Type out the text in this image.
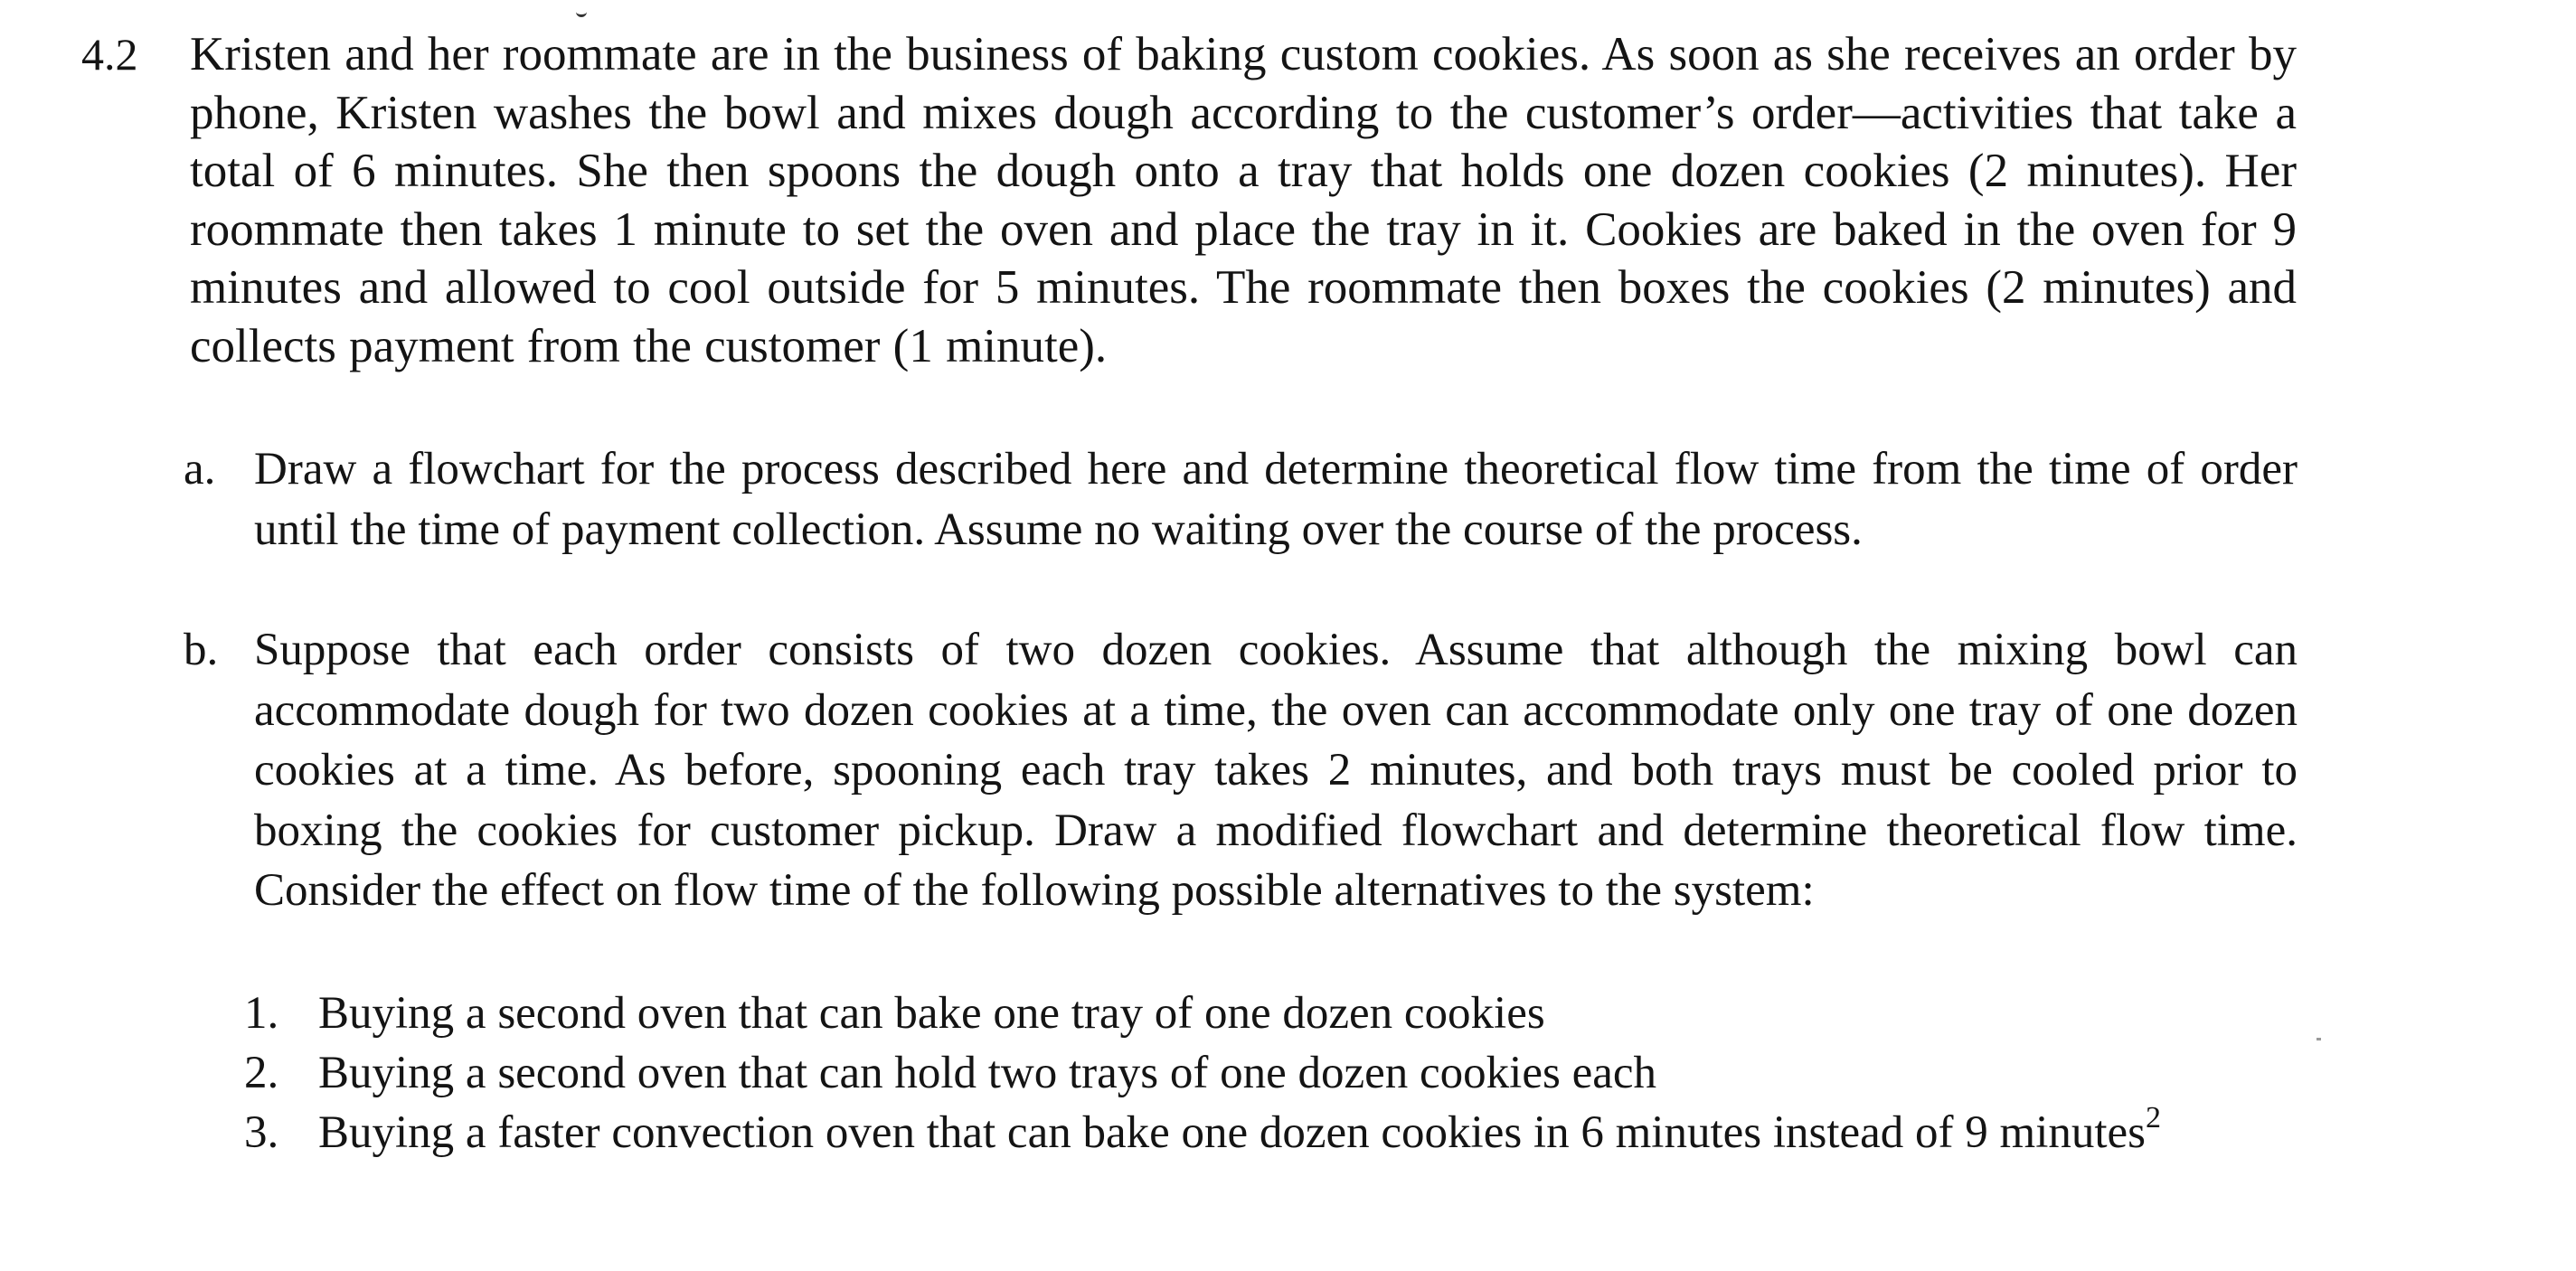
4.2 Kristen and her roommate are in the business of baking custom cookies. As soon as she receives an order by phone, Kristen washes the bowl and mixes dough according to the customer’s order—activities that take a total of 6 minutes. She then spoons the dough onto a tray that holds one dozen cookies (2 minutes). Her roommate then takes 1 minute to set the oven and place the tray in it. Cookies are baked in the oven for 9 minutes and allowed to cool outside for 5 minutes. The roommate then boxes the cookies (2 minutes) and collects payment from the customer (1 minute).
a. Draw a flowchart for the process described here and determine theoretical flow time from the time of order until the time of payment collection. Assume no waiting over the course of the process.
b. Suppose that each order consists of two dozen cookies. Assume that although the mixing bowl can accommodate dough for two dozen cookies at a time, the oven can accommodate only one tray of one dozen cookies at a time. As before, spooning each tray takes 2 minutes, and both trays must be cooled prior to boxing the cookies for customer pickup. Draw a modified flowchart and determine theoretical flow time. Consider the effect on flow time of the following possible alternatives to the system:
1. Buying a second oven that can bake one tray of one dozen cookies
2. Buying a second oven that can hold two trays of one dozen cookies each
3. Buying a faster convection oven that can bake one dozen cookies in 6 minutes instead of 9 minutes$^2$
